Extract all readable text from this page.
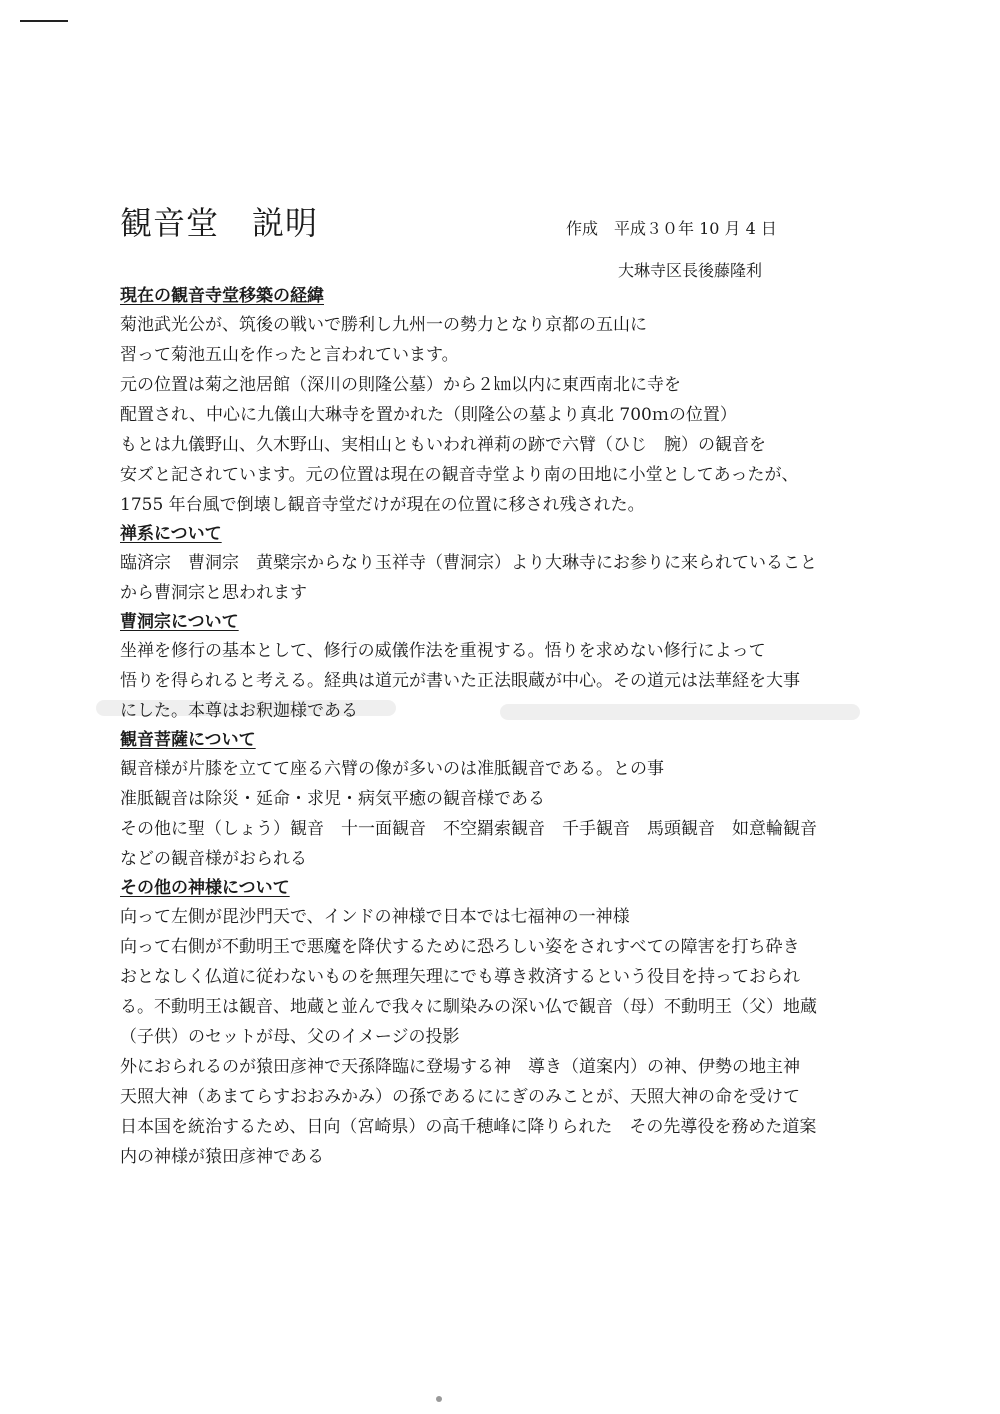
観音堂　説明	作成　平成３０年 10 月 4 日
大琳寺区長後藤隆利
現在の観音寺堂移築の経緯
菊池武光公が、筑後の戦いで勝利し九州一の勢力となり京都の五山に
習って菊池五山を作ったと言われています。
元の位置は菊之池居館（深川の則隆公墓）から２㎞以内に東西南北に寺を
配置され、中心に九儀山大琳寺を置かれた（則隆公の墓より真北 700ｍの位置）
もとは九儀野山、久木野山、実相山ともいわれ禅莉の跡で六臂（ひじ　腕）の観音を
安ズと記されています。元の位置は現在の観音寺堂より南の田地に小堂としてあったが、
1755 年台風で倒壊し観音寺堂だけが現在の位置に移され残された。
禅系について
臨済宗　曹洞宗　黄檗宗からなり玉祥寺（曹洞宗）より大琳寺にお参りに来られていること
から曹洞宗と思われます
曹洞宗について
坐禅を修行の基本として、修行の威儀作法を重視する。悟りを求めない修行によって
悟りを得られると考える。経典は道元が書いた正法眼蔵が中心。その道元は法華経を大事
にした。本尊はお釈迦様である
観音菩薩について
観音様が片膝を立てて座る六臂の像が多いのは准胝観音である。との事
准胝観音は除災・延命・求児・病気平癒の観音様である
その他に聖（しょう）観音　十一面観音　不空羂索観音　千手観音　馬頭観音　如意輪観音
などの観音様がおられる
その他の神様について
向って左側が毘沙門天で、インドの神様で日本では七福神の一神様
向って右側が不動明王で悪魔を降伏するために恐ろしい姿をされすべての障害を打ち砕き
おとなしく仏道に従わないものを無理矢理にでも導き救済するという役目を持っておられ
る。不動明王は観音、地蔵と並んで我々に馴染みの深い仏で観音（母）不動明王（父）地蔵
（子供）のセットが母、父のイメージの投影
外におられるのが猿田彦神で天孫降臨に登場する神　導き（道案内）の神、伊勢の地主神
天照大神（あまてらすおおみかみ）の孫であるににぎのみことが、天照大神の命を受けて
日本国を統治するため、日向（宮崎県）の高千穂峰に降りられた　その先導役を務めた道案
内の神様が猿田彦神である
